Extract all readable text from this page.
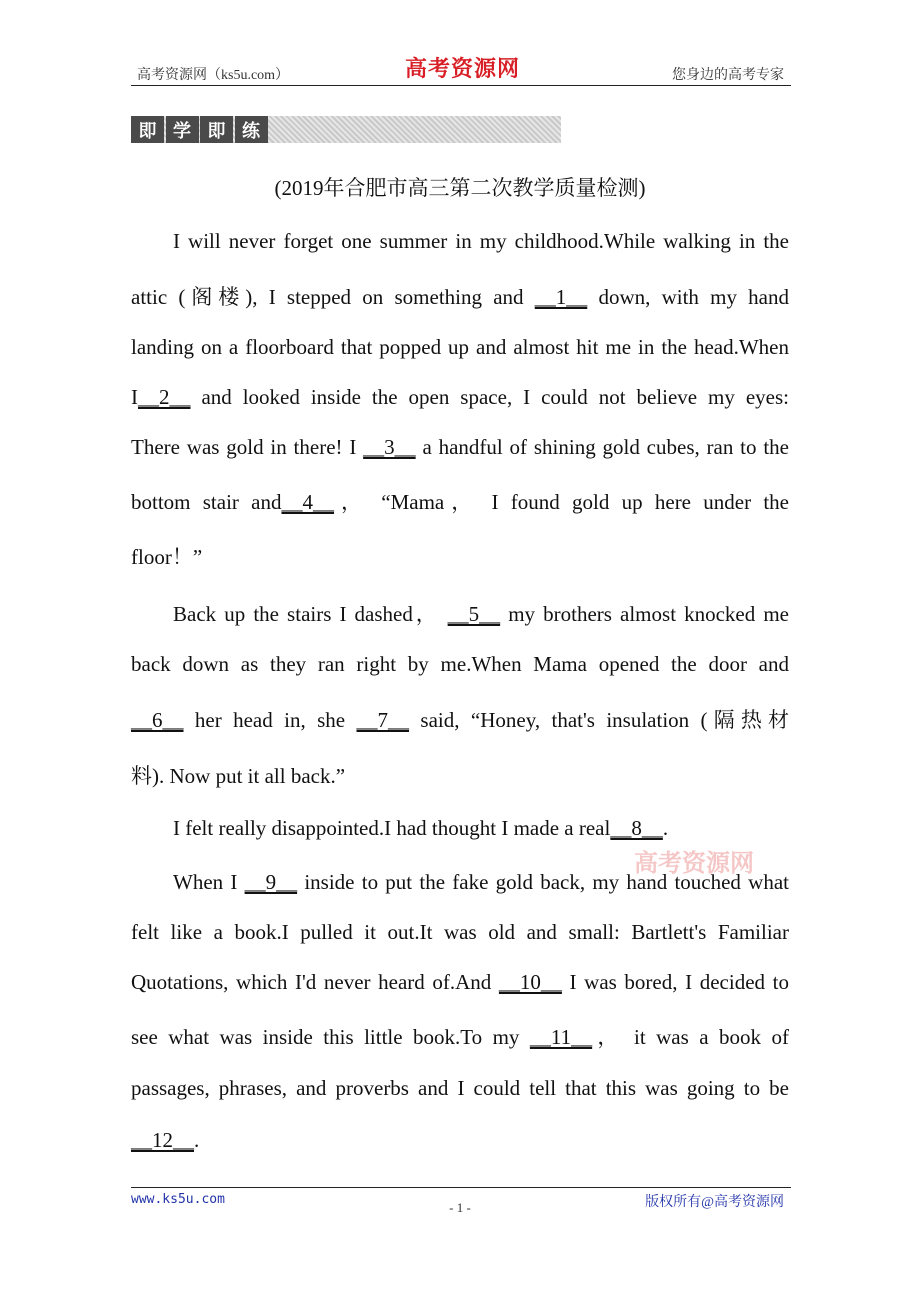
高考资源网（ks5u.com）	高考资源网	您身边的高考专家
即 学 即 练
(2019年合肥市高三第二次教学质量检测)
I will never forget one summer in my childhood.While walking in the
attic (阁楼), I stepped on something and __1__ down, with my hand
landing on a floorboard that popped up and almost hit me in the head.When
I__2__ and looked inside the open space, I could not believe my eyes:
There was gold in there! I __3__ a handful of shining gold cubes, ran to the
bottom stair and__4__， “Mama， I found gold up here under the
floor！”
Back up the stairs I dashed， __5__ my brothers almost knocked me
back down as they ran right by me.When Mama opened the door and
__6__ her head in, she __7__ said, “Honey, that's insulation (隔热材
料). Now put it all back.”
I felt really disappointed.I had thought I made a real__8__.
高考资源网
When I __9__ inside to put the fake gold back, my hand touched what
felt like a book.I pulled it out.It was old and small: Bartlett's Familiar
Quotations, which I'd never heard of.And __10__ I was bored, I decided to
see what was inside this little book.To my __11__， it was a book of
passages, phrases, and proverbs and I could tell that this was going to be
__12__.
www.ks5u.com
- 1 -	版权所有@高考资源网
